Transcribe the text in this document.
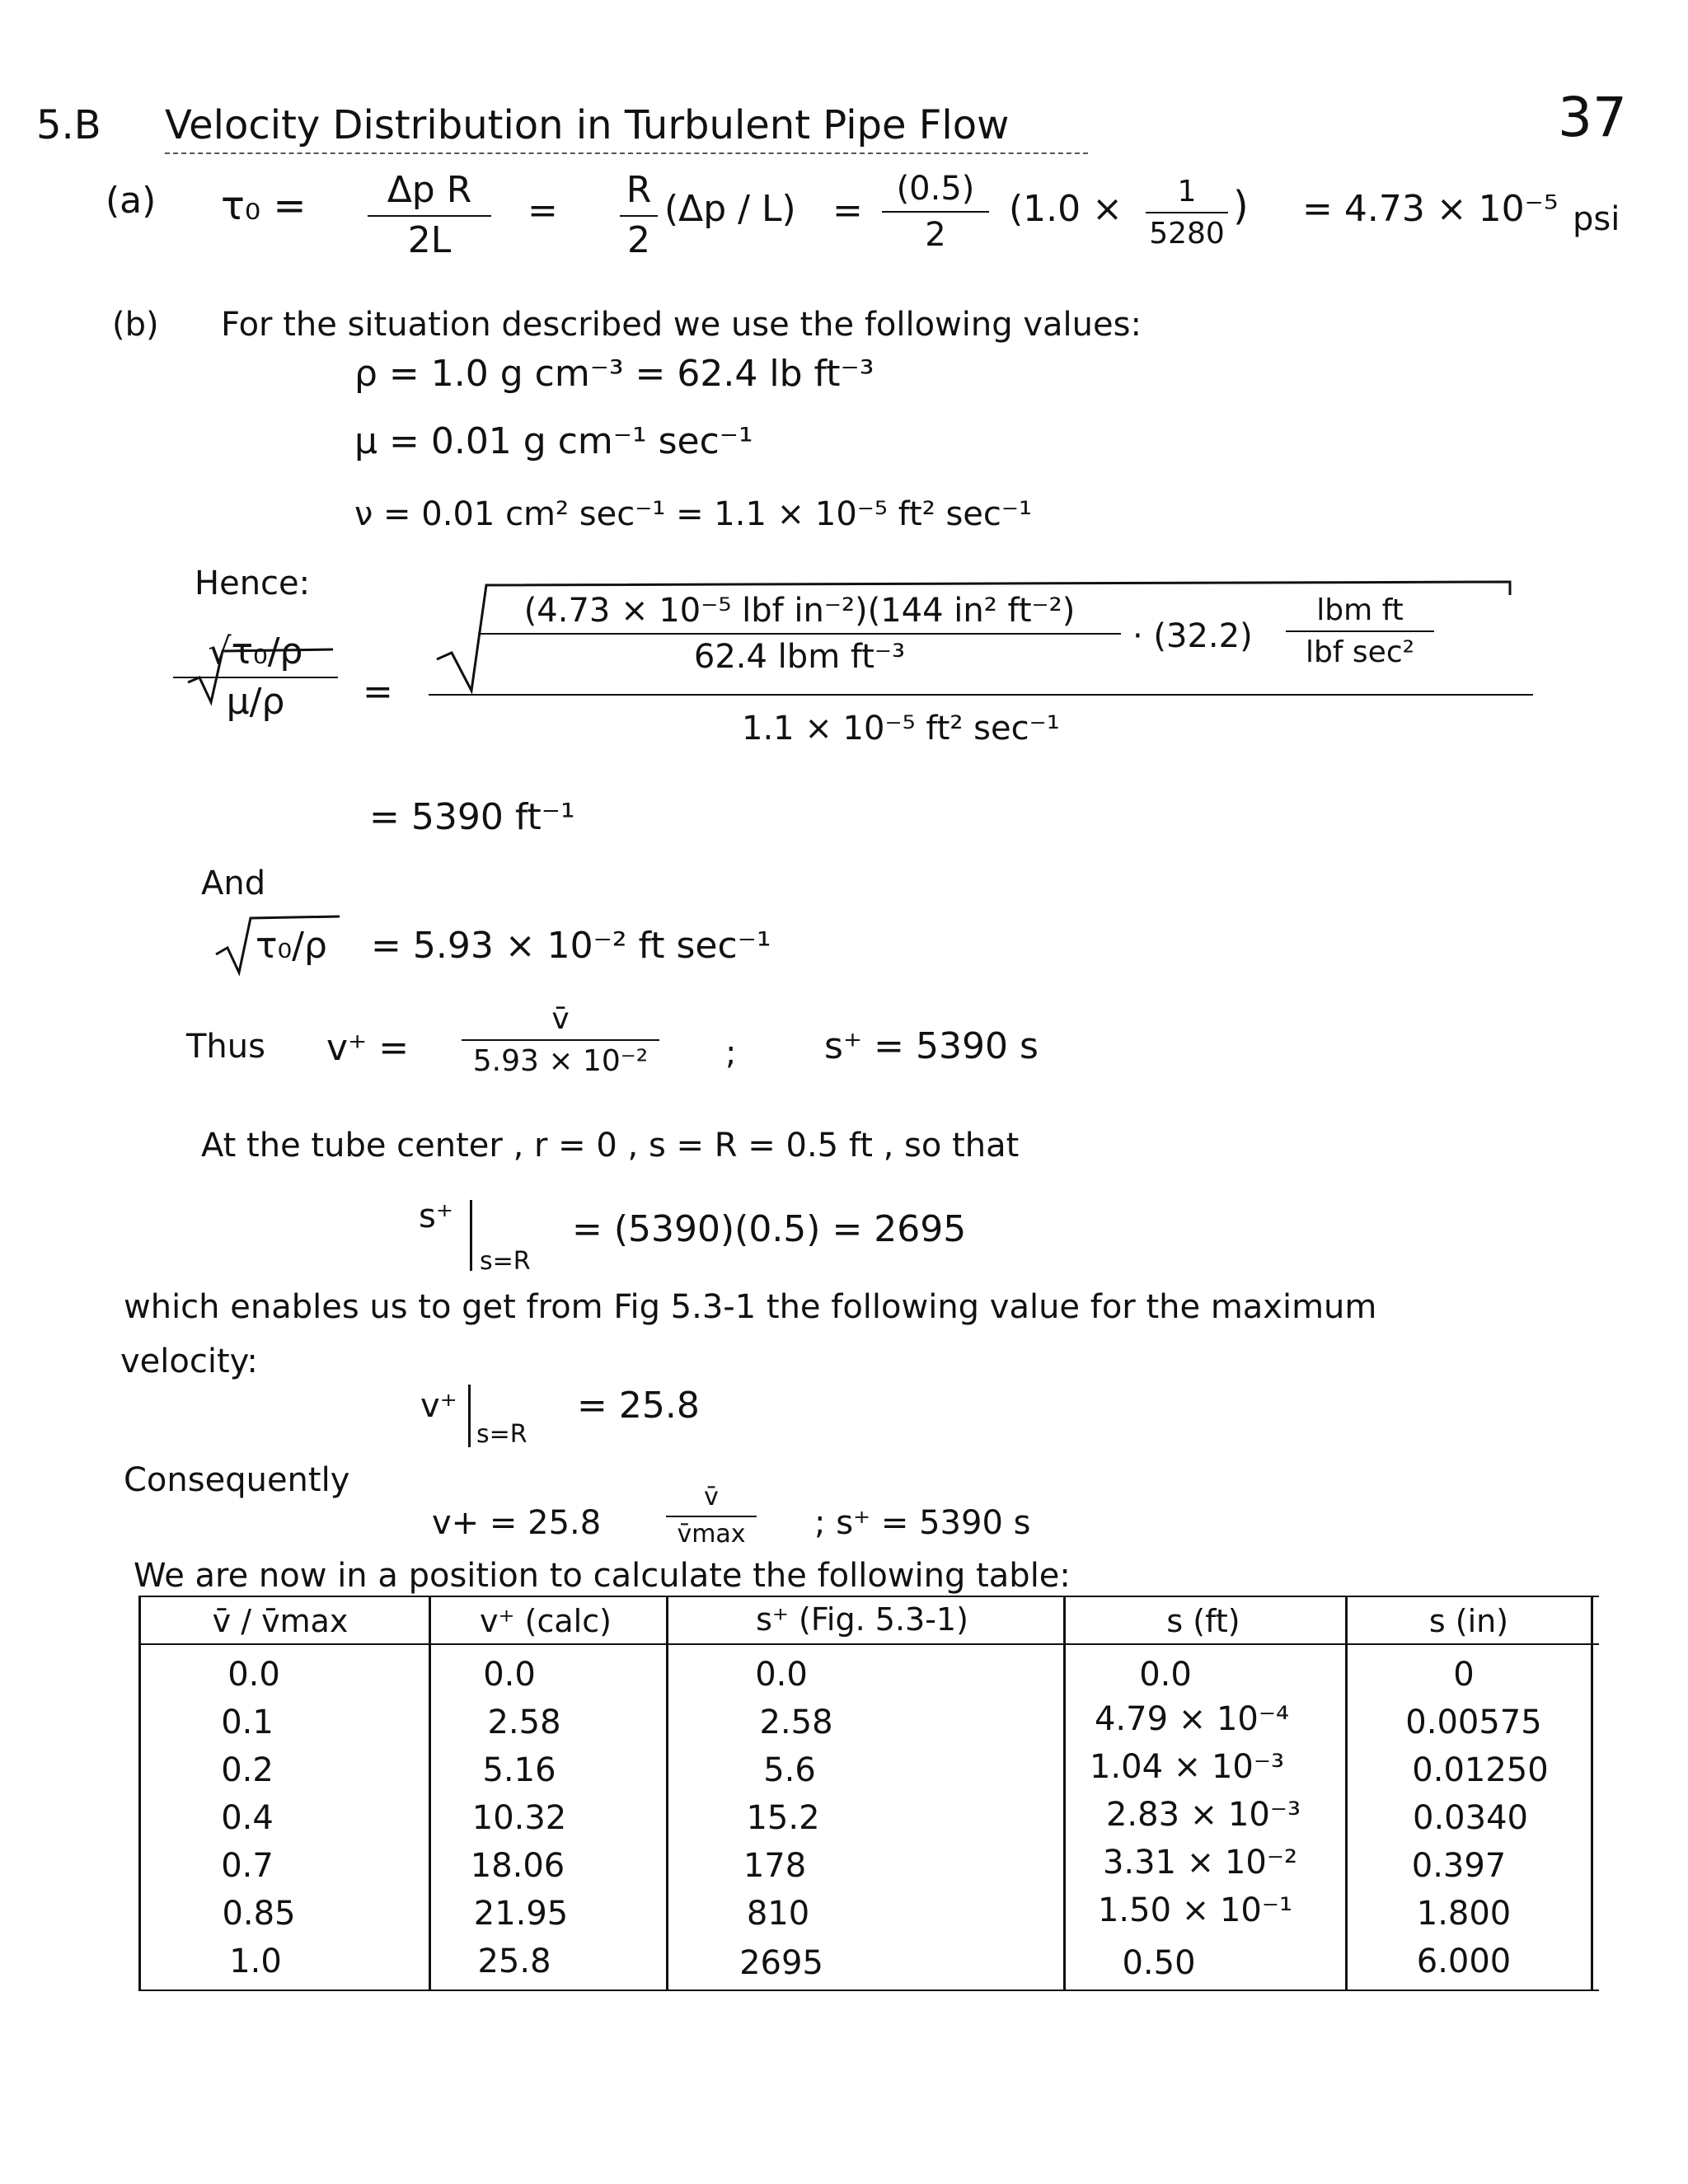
5.B Velocity Distribution in Turbulent Pipe Flow	37
(a) τ₀ =	Δp R
2L
= R
2
(Δp / L) =
(0.5)
2
(1.0 ×	1
5280
) = 4.73 × 10⁻⁵ psi
(b) For the situation described we use the following values:
ρ = 1.0 g cm⁻³ = 62.4 lb ft⁻³
μ = 0.01 g cm⁻¹ sec⁻¹
ν = 0.01 cm² sec⁻¹ = 1.1 × 10⁻⁵ ft² sec⁻¹
Hence:
√τ₀/ρ
μ/ρ	=
(4.73 × 10⁻⁵ lbf in⁻²)(144 in² ft⁻²)
62.4 lbm ft⁻³
· (32.2)
lbm ft
lbf sec²
1.1 × 10⁻⁵ ft² sec⁻¹
= 5390 ft⁻¹
And
τ₀/ρ = 5.93 × 10⁻² ft sec⁻¹
Thus v⁺ =
v̄
5.93 × 10⁻²	; s⁺ = 5390 s
At the tube center , r = 0 , s = R = 0.5 ft , so that
s⁺
s=R
= (5390)(0.5) = 2695
which enables us to get from Fig 5.3-1 the following value for the maximum
velocity:
v⁺
s=R
= 25.8
Consequently
v+ = 25.8
v̄
v̄max	; s⁺ = 5390 s
We are now in a position to calculate the following table:
v̄ / v̄max	v⁺ (calc)	s⁺ (Fig. 5.3-1)	s (ft)	s (in)
0.0	0.0	0.0	0.0	0
0.1	2.58	2.58	4.79 × 10⁻⁴	0.00575
0.2	5.16	5.6	1.04 × 10⁻³	0.01250
0.4	10.32	15.2	2.83 × 10⁻³	0.0340
0.7	18.06	178	3.31 × 10⁻²	0.397
0.85	21.95	810	1.50 × 10⁻¹	1.800
1.0	25.8	2695	0.50	6.000
